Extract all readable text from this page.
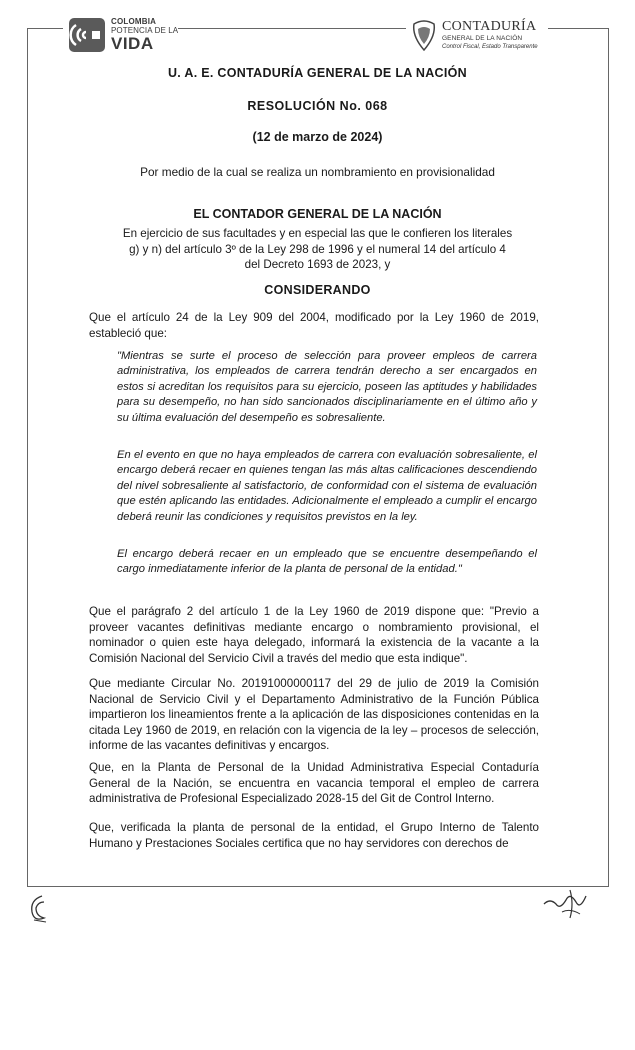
COLOMBIA
POTENCIA DE LA
VIDA
CONTADURÍA
GENERAL DE LA NACIÓN
Control Fiscal, Estado Transparente
U. A. E. CONTADURÍA GENERAL DE LA NACIÓN
RESOLUCIÓN No. 068
(12 de marzo de 2024)
Por medio de la cual se realiza un nombramiento en provisionalidad
EL CONTADOR GENERAL DE LA NACIÓN
En ejercicio de sus facultades y en especial las que le confieren los literales
g) y n) del artículo 3º de la Ley 298 de 1996 y el numeral 14 del artículo 4
del Decreto 1693 de 2023, y
CONSIDERANDO
Que el artículo 24 de la Ley 909 del 2004, modificado por la Ley 1960 de 2019, estableció que:
"Mientras se surte el proceso de selección para proveer empleos de carrera administrativa, los empleados de carrera tendrán derecho a ser encargados en estos si acreditan los requisitos para su ejercicio, poseen las aptitudes y habilidades para su desempeño, no han sido sancionados disciplinariamente en el último año y su última evaluación del desempeño es sobresaliente.
En el evento en que no haya empleados de carrera con evaluación sobresaliente, el encargo deberá recaer en quienes tengan las más altas calificaciones descendiendo del nivel sobresaliente al satisfactorio, de conformidad con el sistema de evaluación que estén aplicando las entidades. Adicionalmente el empleado a cumplir el encargo deberá reunir las condiciones y requisitos previstos en la ley.
El encargo deberá recaer en un empleado que se encuentre desempeñando el cargo inmediatamente inferior de la planta de personal de la entidad."
Que el parágrafo 2 del artículo 1 de la Ley 1960 de 2019 dispone que: "Previo a proveer vacantes definitivas mediante encargo o nombramiento provisional, el nominador o quien este haya delegado, informará la existencia de la vacante a la Comisión Nacional del Servicio Civil a través del medio que esta indique".
Que mediante Circular No. 20191000000117 del 29 de julio de 2019 la Comisión Nacional de Servicio Civil y el Departamento Administrativo de la Función Pública impartieron los lineamientos frente a la aplicación de las disposiciones contenidas en la citada Ley 1960 de 2019, en relación con la vigencia de la ley – procesos de selección, informe de las vacantes definitivas y encargos.
Que, en la Planta de Personal de la Unidad Administrativa Especial Contaduría General de la Nación, se encuentra en vacancia temporal el empleo de carrera administrativa de Profesional Especializado 2028-15 del Git de Control Interno.
Que, verificada la planta de personal de la entidad, el Grupo Interno de Talento Humano y Prestaciones Sociales certifica que no hay servidores con derechos de
